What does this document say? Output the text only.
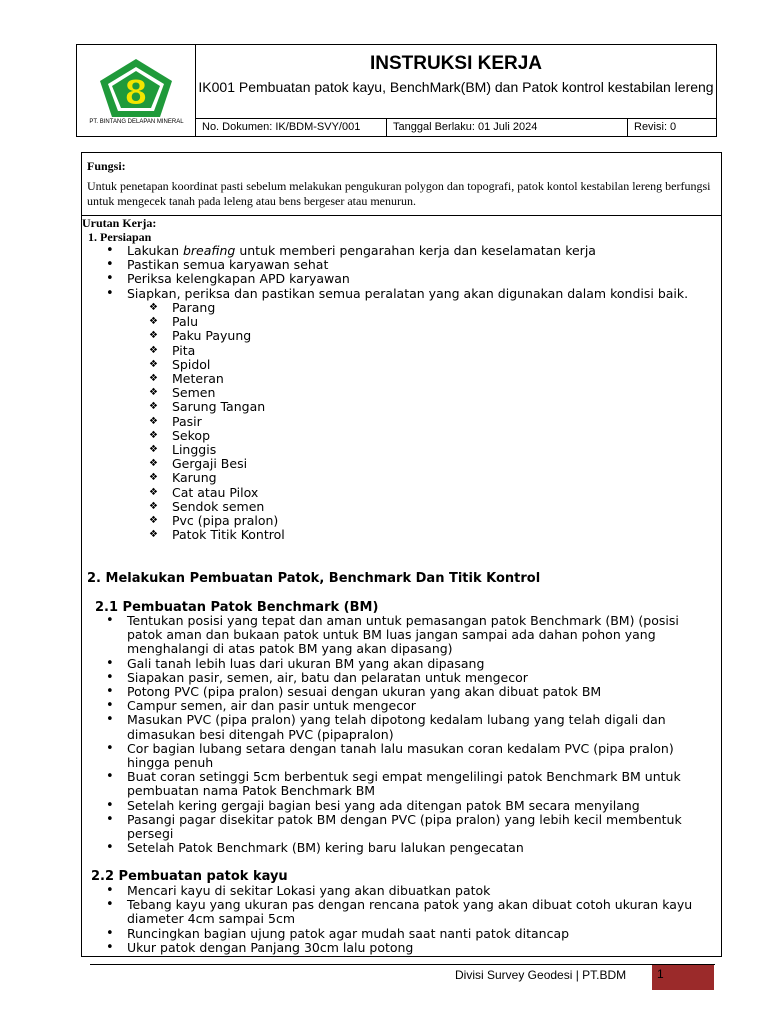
8
PT. BINTANG DELAPAN MINERAL
INSTRUKSI KERJA
IK001 Pembuatan patok kayu, BenchMark(BM) dan Patok kontrol kestabilan lereng
No. Dokumen: IK/BDM-SVY/001	Tanggal Berlaku: 01 Juli 2024	Revisi: 0
Fungsi:
Untuk penetapan koordinat pasti sebelum melakukan pengukuran polygon dan topografi, patok kontol kestabilan lereng berfungsi untuk mengecek tanah pada leleng atau bens bergeser atau menurun.
Urutan Kerja:
1. Persiapan
• Lakukan breafing untuk memberi pengarahan kerja dan keselamatan kerja
• Pastikan semua karyawan sehat
• Periksa kelengkapan APD karyawan
• Siapkan, periksa dan pastikan semua peralatan yang akan digunakan dalam kondisi baik.
❖ Parang
❖ Palu
❖ Paku Payung
❖ Pita
❖ Spidol
❖ Meteran
❖ Semen
❖ Sarung Tangan
❖ Pasir
❖ Sekop
❖ Linggis
❖ Gergaji Besi
❖ Karung
❖ Cat atau Pilox
❖ Sendok semen
❖ Pvc (pipa pralon)
❖ Patok Titik Kontrol
2. Melakukan Pembuatan Patok, Benchmark Dan Titik Kontrol
2.1 Pembuatan Patok Benchmark (BM)
• Tentukan posisi yang tepat dan aman untuk pemasangan patok Benchmark (BM) (posisi patok aman dan bukaan patok untuk BM luas jangan sampai ada dahan pohon yang menghalangi di atas patok BM yang akan dipasang)
• Gali tanah lebih luas dari ukuran BM yang akan dipasang
• Siapakan pasir, semen, air, batu dan pelaratan untuk mengecor
• Potong PVC (pipa pralon) sesuai dengan ukuran yang akan dibuat patok BM
• Campur semen, air dan pasir untuk mengecor
• Masukan PVC (pipa pralon) yang telah dipotong kedalam lubang yang telah digali dan dimasukan besi ditengah PVC (pipapralon)
• Cor bagian lubang setara dengan tanah lalu masukan coran kedalam PVC (pipa pralon) hingga penuh
• Buat coran setinggi 5cm berbentuk segi empat mengelilingi patok Benchmark BM untuk pembuatan nama Patok Benchmark BM
• Setelah kering gergaji bagian besi yang ada ditengan patok BM secara menyilang
• Pasangi pagar disekitar patok BM dengan PVC (pipa pralon) yang lebih kecil membentuk persegi
• Setelah Patok Benchmark (BM) kering baru lalukan pengecatan
2.2 Pembuatan patok kayu
• Mencari kayu di sekitar Lokasi yang akan dibuatkan patok
• Tebang kayu yang ukuran pas dengan rencana patok yang akan dibuat cotoh ukuran kayu diameter 4cm sampai 5cm
• Runcingkan bagian ujung patok agar mudah saat nanti patok ditancap
• Ukur patok dengan Panjang 30cm lalu potong
Divisi Survey Geodesi | PT.BDM	1
